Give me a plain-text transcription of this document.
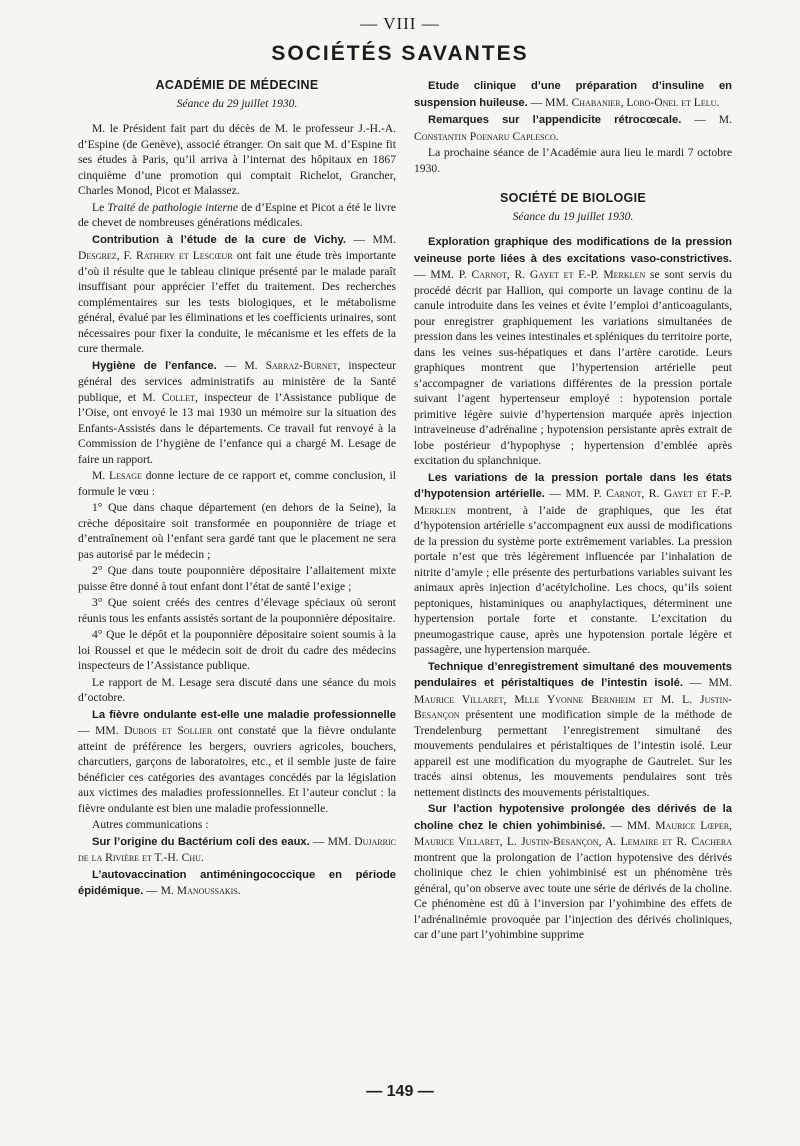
— VIII —
SOCIÉTÉS SAVANTES
ACADÉMIE DE MÉDECINE
Séance du 29 juillet 1930.

M. le Président fait part du décès de M. le professeur J.-H.-A. d’Espine (de Genève), associé étranger. On sait que M. d’Espine fit ses études à Paris, qu’il arriva à l’internat des hôpitaux en 1867 cinquième d’une promotion qui comptait Richelot, Grancher, Charles Monod, Picot et Malassez.

Le Traité de pathologie interne de d’Espine et Picot a été le livre de chevet de nombreuses générations médicales.

Contribution à l’étude de la cure de Vichy. — MM. Desgrez, F. Rathery et Lescœur ont fait une étude très importante d’où il résulte que le tableau clinique présenté par le malade paraît insuffisant pour apprécier l’effet du traitement. Des recherches complémentaires sur les tests biologiques, et le métabolisme général, évalué par les éliminations et les coefficients urinaires, sont nécessaires pour fixer la conduite, le mécanisme et les effets de la cure thermale.

Hygiène de l’enfance. — M. Sarraz-Burnet, inspecteur général des services administratifs au ministère de la Santé publique, et M. Collet, inspecteur de l’Assistance publique de l’Oise, ont envoyé le 13 mai 1930 un mémoire sur la situation des Enfants-Assistés dans le départements. Ce travail fut renvoyé à la Commission de l’hygiène de l’enfance qui a chargé M. Lesage de faire un rapport.

M. Lesage donne lecture de ce rapport et, comme conclusion, il formule le vœu :

1° Que dans chaque département (en dehors de la Seine), la crèche dépositaire soit transformée en pouponnière de triage et d’entraînement où l’enfant sera gardé tant que le placement ne sera pas autorisé par le médecin ;

2° Que dans toute pouponnière dépositaire l’allaitement mixte puisse être donné à tout enfant dont l’état de santé l’exige ;

3° Que soient créés des centres d’élevage spéciaux où seront réunis tous les enfants assistés sortant de la pouponnière dépositaire.

4° Que le dépôt et la pouponnière dépositaire soient soumis à la loi Roussel et que le médecin soit de droit du cadre des médecins inspecteurs de l’Assistance publique.

Le rapport de M. Lesage sera discuté dans une séance du mois d’octobre.

La fièvre ondulante est-elle une maladie professionnelle — MM. Dubois et Sollier ont constaté que la fièvre ondulante atteint de préférence les bergers, ouvriers agricoles, bouchers, charcutiers, garçons de laboratoires, etc., et il semble juste de faire bénéficier ces catégories des avantages concédés par la législation aux victimes des maladies professionnelles. Et l’auteur conclut : la fièvre ondulante est bien une maladie professionnelle.

Autres communications :

Sur l’origine du Bactérium coli des eaux. — MM. Dujarric de la Rivière et T.-H. Chu.

L’autovaccination antiméningococcique en période épidémique. — M. Manoussakis.

Etude clinique d’une préparation d’insuline en suspension huileuse. — MM. Chabanier, Lobo-Onel et Lelu.

Remarques sur l’appendicite rétrocœcale. — M. Constantin Poenaru Caplesco.

La prochaine séance de l’Académie aura lieu le mardi 7 octobre 1930.

SOCIÉTÉ DE BIOLOGIE
Séance du 19 juillet 1930.

Exploration graphique des modifications de la pression veineuse porte liées à des excitations vaso-constrictives. — MM. P. Carnot, R. Gayet et F.-P. Merklen se sont servis du procédé décrit par Hallion, qui comporte un lavage continu de la canule introduite dans les veines et évite l’emploi d’anticoagulants, pour enregistrer graphiquement les variations simultanées de pression dans les veines intestinales et spléniques du territoire porte, dans les veines sus-hépatiques et dans l’artère carotide. Leurs graphiques montrent que l’hypertension artérielle peut s’accompagner de variations différentes de la pression portale suivant l’agent hypertenseur employé : hypotension portale primitive légère suivie d’hypertension marquée après injection intraveineuse d’adrénaline ; hypotension persistante après extrait de lobe postérieur d’hypophyse ; hypertension d’emblée après excitation du splanchnique.

Les variations de la pression portale dans les états d’hypotension artérielle. — MM. P. Carnot, R. Gayet et F.-P. Merklen montrent, à l’aide de graphiques, que les état d’hypotension artérielle s’accompagnent eux aussi de modifications de la pression du système porte extrêmement variables. La pression portale n’est que très légèrement influencée par l’inhalation de nitrite d’amyle ; elle présente des perturbations variables suivant les animaux après injection d’acétylcholine. Les chocs, qu’ils soient peptoniques, histaminiques ou anaphylactiques, déterminent une hypertension portale forte et constante. L’excitation du pneumogastrique cause, après une hypotension portale légère et passagère, une hypertension marquée.

Technique d’enregistrement simultané des mouvements pendulaires et péristaltiques de l’intestin isolé. — MM. Maurice Villaret, Mlle Yvonne Bernheim et M. L. Justin-Besançon présentent une modification simple de la méthode de Trendelenburg permettant l’enregistrement simultané des mouvements pendulaires et péristaltiques de l’intestin isolé. Leur appareil est une modification du myographe de Gautrelet. Sur les tracés ainsi obtenus, les mouvements pendulaires sont très nettement distincts des mouvements péristaltiques.

Sur l’action hypotensive prolongée des dérivés de la choline chez le chien yohimbinisé. — MM. Maurice Lœper, Maurice Villaret, L. Justin-Besançon, A. Lemaire et R. Cachera montrent que la prolongation de l’action hypotensive des dérivés cholinique chez le chien yohimbinisé est un phénomène très général, qu’on observe avec toute une série de dérivés de la choline. Ce phénomène est dû à l’inversion par l’yohimbine des effets de l’adrénalinémie provoquée par l’injection des dérivés choliniques, car d’une part l’yohimbine supprime

— 149 —
